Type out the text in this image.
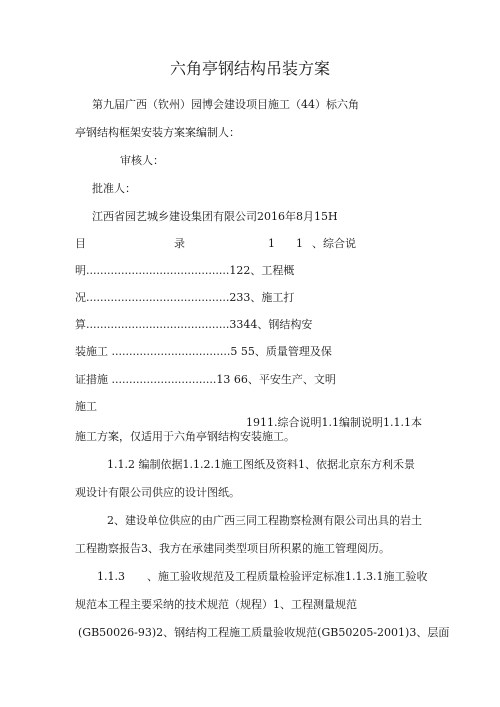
六角亭钢结构吊装方案
第九届广西（钦州）园博会建设项目施工（44）标六角
亭钢结构框架安装方案案编制人：
审核人：
批准人：
江西省园艺城乡建设集团有限公司2016年8月15H
目	录	1 1 、综合说
明.........................................122、工程概
况.........................................233、施工打
算.........................................3344、钢结构安
装施工 ..................................5 55、质量管理及保
证措施 ..............................13 66、平安生产、文明
施工
1911.综合说明1.1编制说明1.1.1本
施工方案，仅适用于六角亭钢结构安装施工。
1.1.2 编制依据1.1.2.1施工图纸及资料1、依据北京东方利禾景
观设计有限公司供应的设计图纸。
2、建设单位供应的由广西三同工程勘察检测有限公司出具的岩土
工程勘察报告3、我方在承建同类型项目所积累的施工管理阅历。
1.1.3　　、施工验收规范及工程质量检验评定标准1.1.3.1施工验收
规范本工程主要采纳的技术规范（规程）1、工程测量规范
(GB50026-93)2、钢结构工程施工质量验收规范(GB50205-2001)3、层面
